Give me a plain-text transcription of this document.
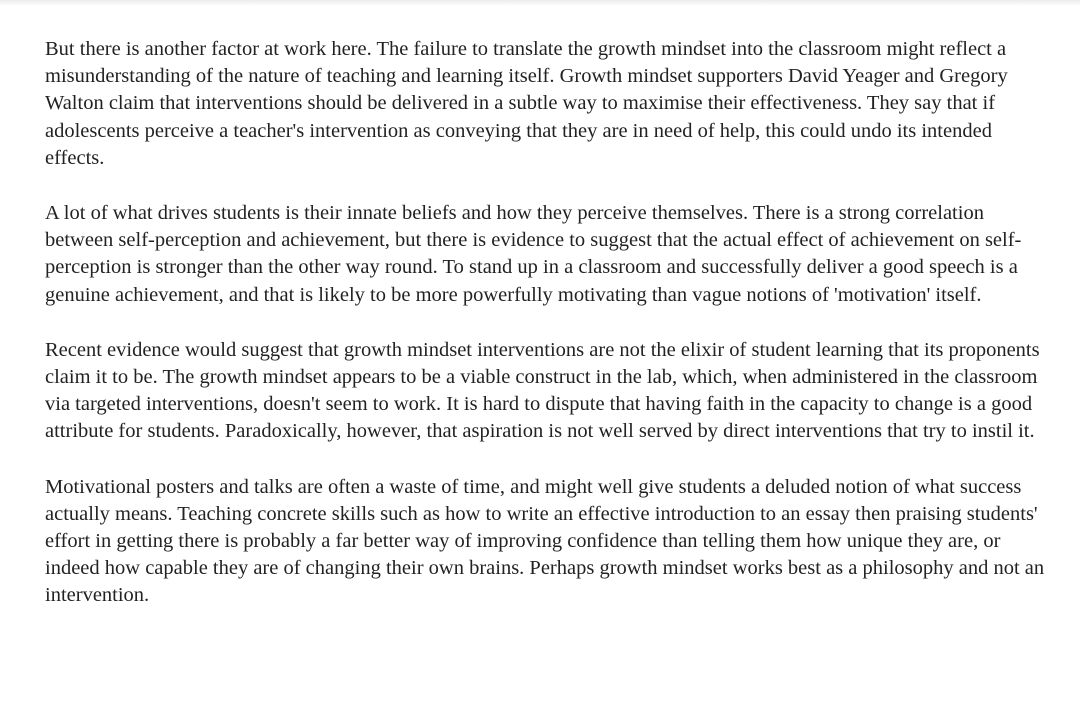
But there is another factor at work here. The failure to translate the growth mindset into the classroom might reflect a misunderstanding of the nature of teaching and learning itself. Growth mindset supporters David Yeager and Gregory Walton claim that interventions should be delivered in a subtle way to maximise their effectiveness. They say that if adolescents perceive a teacher's intervention as conveying that they are in need of help, this could undo its intended effects.

A lot of what drives students is their innate beliefs and how they perceive themselves. There is a strong correlation between self-perception and achievement, but there is evidence to suggest that the actual effect of achievement on self-perception is stronger than the other way round. To stand up in a classroom and successfully deliver a good speech is a genuine achievement, and that is likely to be more powerfully motivating than vague notions of 'motivation' itself.

Recent evidence would suggest that growth mindset interventions are not the elixir of student learning that its proponents claim it to be. The growth mindset appears to be a viable construct in the lab, which, when administered in the classroom via targeted interventions, doesn't seem to work. It is hard to dispute that having faith in the capacity to change is a good attribute for students. Paradoxically, however, that aspiration is not well served by direct interventions that try to instil it.

Motivational posters and talks are often a waste of time, and might well give students a deluded notion of what success actually means. Teaching concrete skills such as how to write an effective introduction to an essay then praising students' effort in getting there is probably a far better way of improving confidence than telling them how unique they are, or indeed how capable they are of changing their own brains. Perhaps growth mindset works best as a philosophy and not an intervention.
